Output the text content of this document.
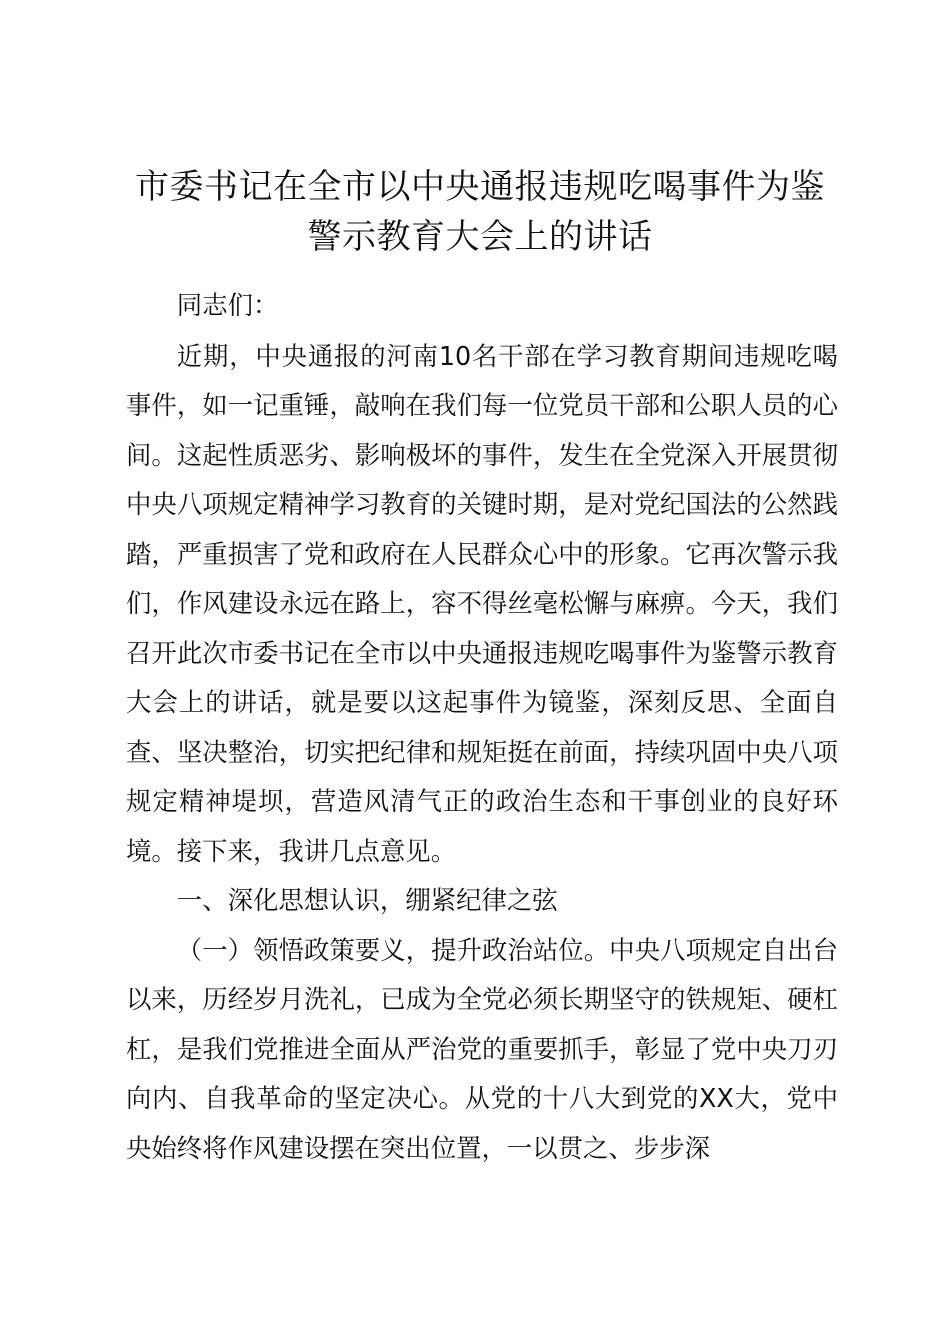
市委书记在全市以中央通报违规吃喝事件为鉴
警示教育大会上的讲话

同志们：

近期，中央通报的河南10名干部在学习教育期间违规吃喝事件，如一记重锤，敲响在我们每一位党员干部和公职人员的心间。这起性质恶劣、影响极坏的事件，发生在全党深入开展贯彻中央八项规定精神学习教育的关键时期，是对党纪国法的公然践踏，严重损害了党和政府在人民群众心中的形象。它再次警示我们，作风建设永远在路上，容不得丝毫松懈与麻痹。今天，我们召开此次市委书记在全市以中央通报违规吃喝事件为鉴警示教育大会上的讲话，就是要以这起事件为镜鉴，深刻反思、全面自查、坚决整治，切实把纪律和规矩挺在前面，持续巩固中央八项规定精神堤坝，营造风清气正的政治生态和干事创业的良好环境。接下来，我讲几点意见。

一、深化思想认识，绷紧纪律之弦

（一）领悟政策要义，提升政治站位。中央八项规定自出台以来，历经岁月洗礼，已成为全党必须长期坚守的铁规矩、硬杠杠，是我们党推进全面从严治党的重要抓手，彰显了党中央刀刃向内、自我革命的坚定决心。从党的十八大到党的XX大，党中央始终将作风建设摆在突出位置，一以贯之、步步深
